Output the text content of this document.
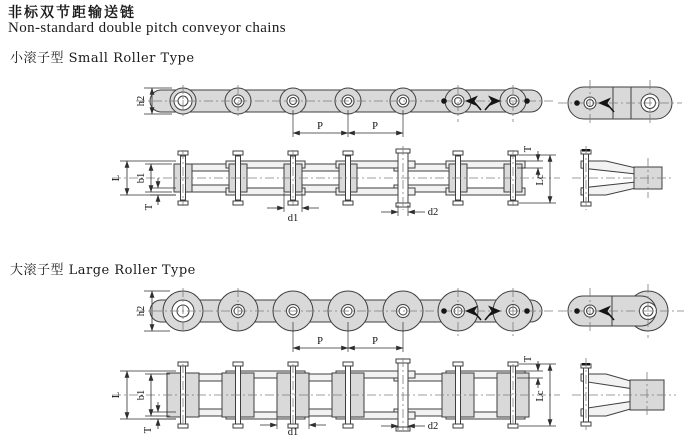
非标双节距输送链
Non-standard double pitch conveyor chains
小滚子型 Small Roller Type
大滚子型 Large Roller Type
h2
P	P
L b1
T
d1
d2
T
Lc
h2
P	P
L b1
T	d1
d2
T
Lc
